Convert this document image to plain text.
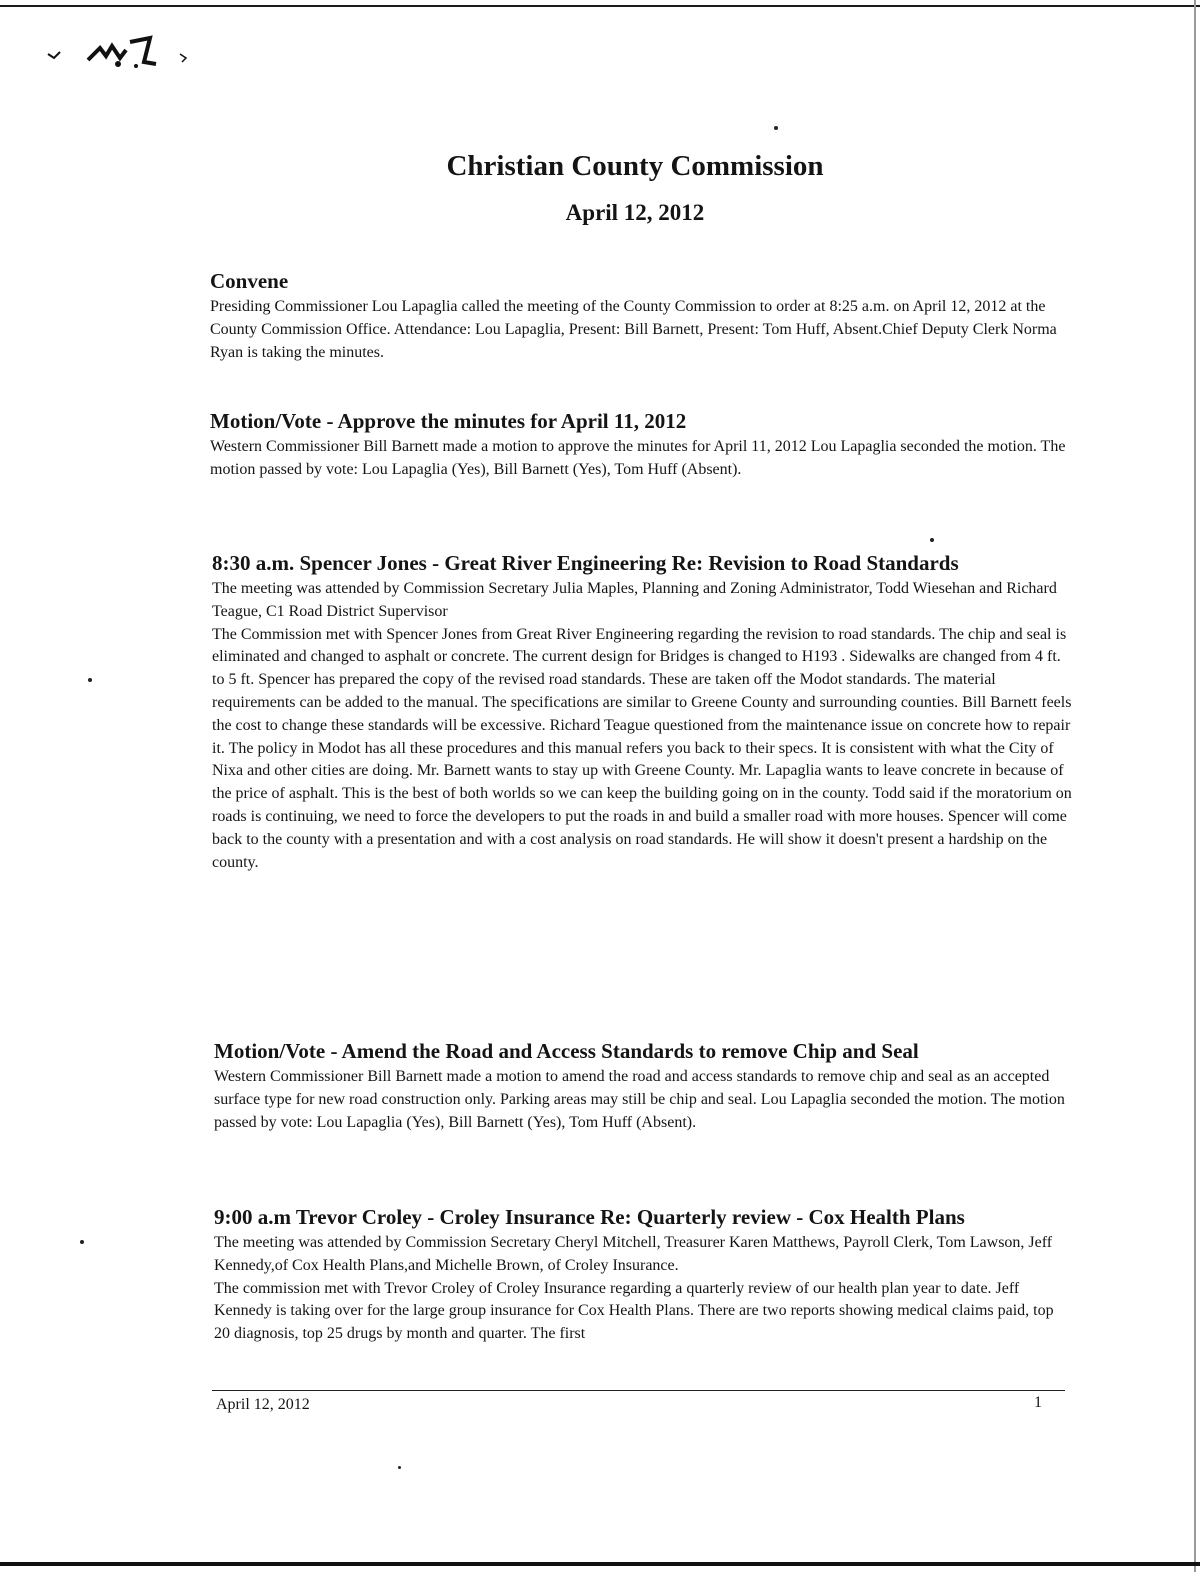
Christian County Commission
April 12, 2012
Convene

Presiding Commissioner Lou Lapaglia called the meeting of the County Commission to order at 8:25 a.m. on April 12, 2012 at the County Commission Office. Attendance: Lou Lapaglia, Present: Bill Barnett, Present: Tom Huff, Absent.Chief Deputy Clerk Norma Ryan is taking the minutes.

Motion/Vote - Approve the minutes for April 11, 2012

Western Commissioner Bill Barnett made a motion to approve the minutes for April 11, 2012 Lou Lapaglia seconded the motion. The motion passed by vote: Lou Lapaglia (Yes), Bill Barnett (Yes), Tom Huff (Absent).

8:30 a.m. Spencer Jones - Great River Engineering Re: Revision to Road Standards

The meeting was attended by Commission Secretary Julia Maples, Planning and Zoning Administrator, Todd Wiesehan and Richard Teague, C1 Road District Supervisor

The Commission met with Spencer Jones from Great River Engineering regarding the revision to road standards. The chip and seal is eliminated and changed to asphalt or concrete. The current design for Bridges is changed to H193 . Sidewalks are changed from 4 ft. to 5 ft. Spencer has prepared the copy of the revised road standards. These are taken off the Modot standards. The material requirements can be added to the manual. The specifications are similar to Greene County and surrounding counties. Bill Barnett feels the cost to change these standards will be excessive. Richard Teague questioned from the maintenance issue on concrete how to repair it. The policy in Modot has all these procedures and this manual refers you back to their specs. It is consistent with what the City of Nixa and other cities are doing. Mr. Barnett wants to stay up with Greene County. Mr. Lapaglia wants to leave concrete in because of the price of asphalt. This is the best of both worlds so we can keep the building going on in the county. Todd said if the moratorium on roads is continuing, we need to force the developers to put the roads in and build a smaller road with more houses. Spencer will come back to the county with a presentation and with a cost analysis on road standards. He will show it doesn't present a hardship on the county.

Motion/Vote - Amend the Road and Access Standards to remove Chip and Seal

Western Commissioner Bill Barnett made a motion to amend the road and access standards to remove chip and seal as an accepted surface type for new road construction only. Parking areas may still be chip and seal. Lou Lapaglia seconded the motion. The motion passed by vote: Lou Lapaglia (Yes), Bill Barnett (Yes), Tom Huff (Absent).

9:00 a.m Trevor Croley - Croley Insurance Re: Quarterly review - Cox Health Plans

The meeting was attended by Commission Secretary Cheryl Mitchell, Treasurer Karen Matthews, Payroll Clerk, Tom Lawson, Jeff Kennedy,of Cox Health Plans,and Michelle Brown, of Croley Insurance.

The commission met with Trevor Croley of Croley Insurance regarding a quarterly review of our health plan year to date. Jeff Kennedy is taking over for the large group insurance for Cox Health Plans. There are two reports showing medical claims paid, top 20 diagnosis, top 25 drugs by month and quarter. The first

April 12, 2012	1
